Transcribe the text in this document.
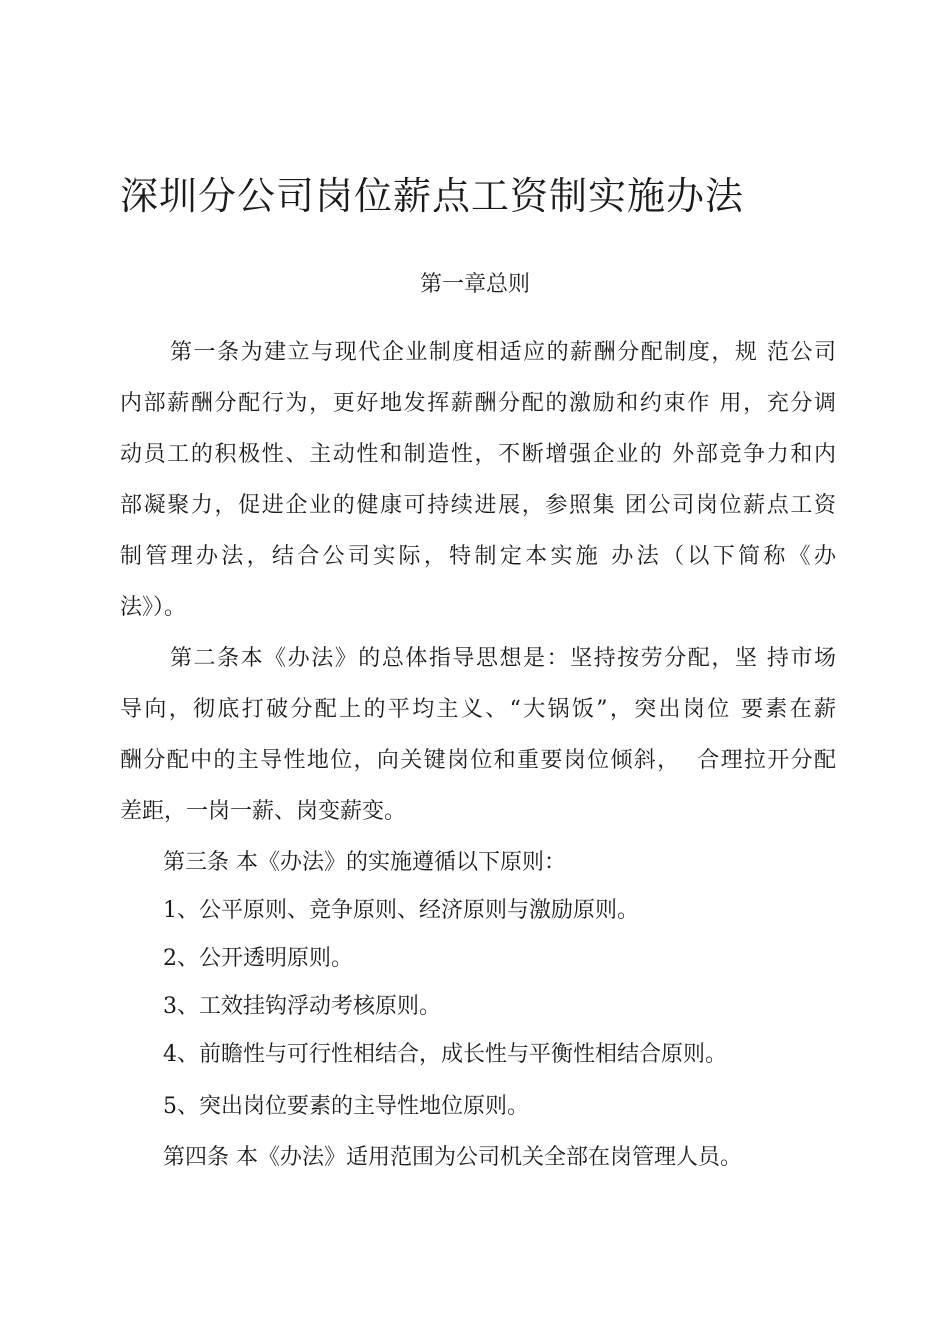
深圳分公司岗位薪点工资制实施办法
第一章总则

第一条为建立与现代企业制度相适应的薪酬分配制度，规 范公司

内部薪酬分配行为，更好地发挥薪酬分配的激励和约束作 用，充分调

动员工的积极性、主动性和制造性，不断增强企业的 外部竞争力和内

部凝聚力，促进企业的健康可持续进展，参照集 团公司岗位薪点工资

制管理办法，结合公司实际，特制定本实施 办法（以下简称《办

法》）。

第二条本《办法》的总体指导思想是：坚持按劳分配，坚 持市场

导向，彻底打破分配上的平均主义、“大锅饭”，突出岗位 要素在薪

酬分配中的主导性地位，向关键岗位和重要岗位倾斜，  合理拉开分配

差距，一岗一薪、岗变薪变。

第三条 本《办法》的实施遵循以下原则：

1、公平原则、竞争原则、经济原则与激励原则。

2、公开透明原则。

3、工效挂钩浮动考核原则。

4、前瞻性与可行性相结合，成长性与平衡性相结合原则。

5、突出岗位要素的主导性地位原则。

第四条 本《办法》适用范围为公司机关全部在岗管理人员。
